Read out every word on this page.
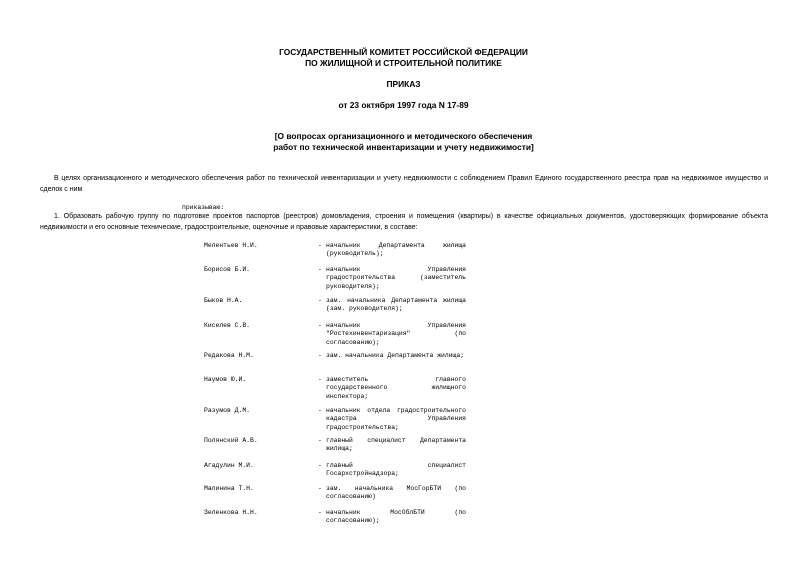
ГОСУДАРСТВЕННЫЙ КОМИТЕТ РОССИЙСКОЙ ФЕДЕРАЦИИ
ПО ЖИЛИЩНОЙ И СТРОИТЕЛЬНОЙ ПОЛИТИКЕ
ПРИКАЗ
от 23 октября 1997 года N 17-89
[О вопросах организационного и методического обеспечения
работ по технической инвентаризации и учету недвижимости]
В целях организационного и методического обеспечения работ по технической инвентаризации и учету недвижимости с соблюдением Правил Единого государственного реестра прав на недвижимое имущество и сделок с ним
приказываю:
1. Образовать рабочую группу по подготовке проектов паспортов (реестров) домовладения, строения и помещения (квартиры) в качестве официальных документов, удостоверяющих формирование объекта недвижимости и его основные технические, градостроительные, оценочные и правовые характеристики, в составе:
Мелентьев Н.И.	- начальник Департамента жилища (руководитель);
Борисов Б.И.	- начальник Управления градостроительства (заместитель руководителя);
Быков Н.А.	- зам. начальника Департамента жилища (зам. руководителя);
Киселев С.В.	- начальник Управления "Ростехинвентаризация" (по согласованию);
Редакова Н.М.	- зам. начальника Департамента жилища;
Наумов Ю.И.	- заместитель главного государственного жилищного инспектора;
Разумов Д.М.	- начальник отдела градостроительного кадастра Управления градостроительства;
Полянский А.В.	- главный специалист Департамента жилища;
Агадулин М.И.	- главный специалист Госархстройнадзора;
Малинина Т.Н.	- зам. начальника МосГорБТИ (по согласованию)
Зеленкова Н.Н.	- начальник МосОблБТИ (по согласованию);
